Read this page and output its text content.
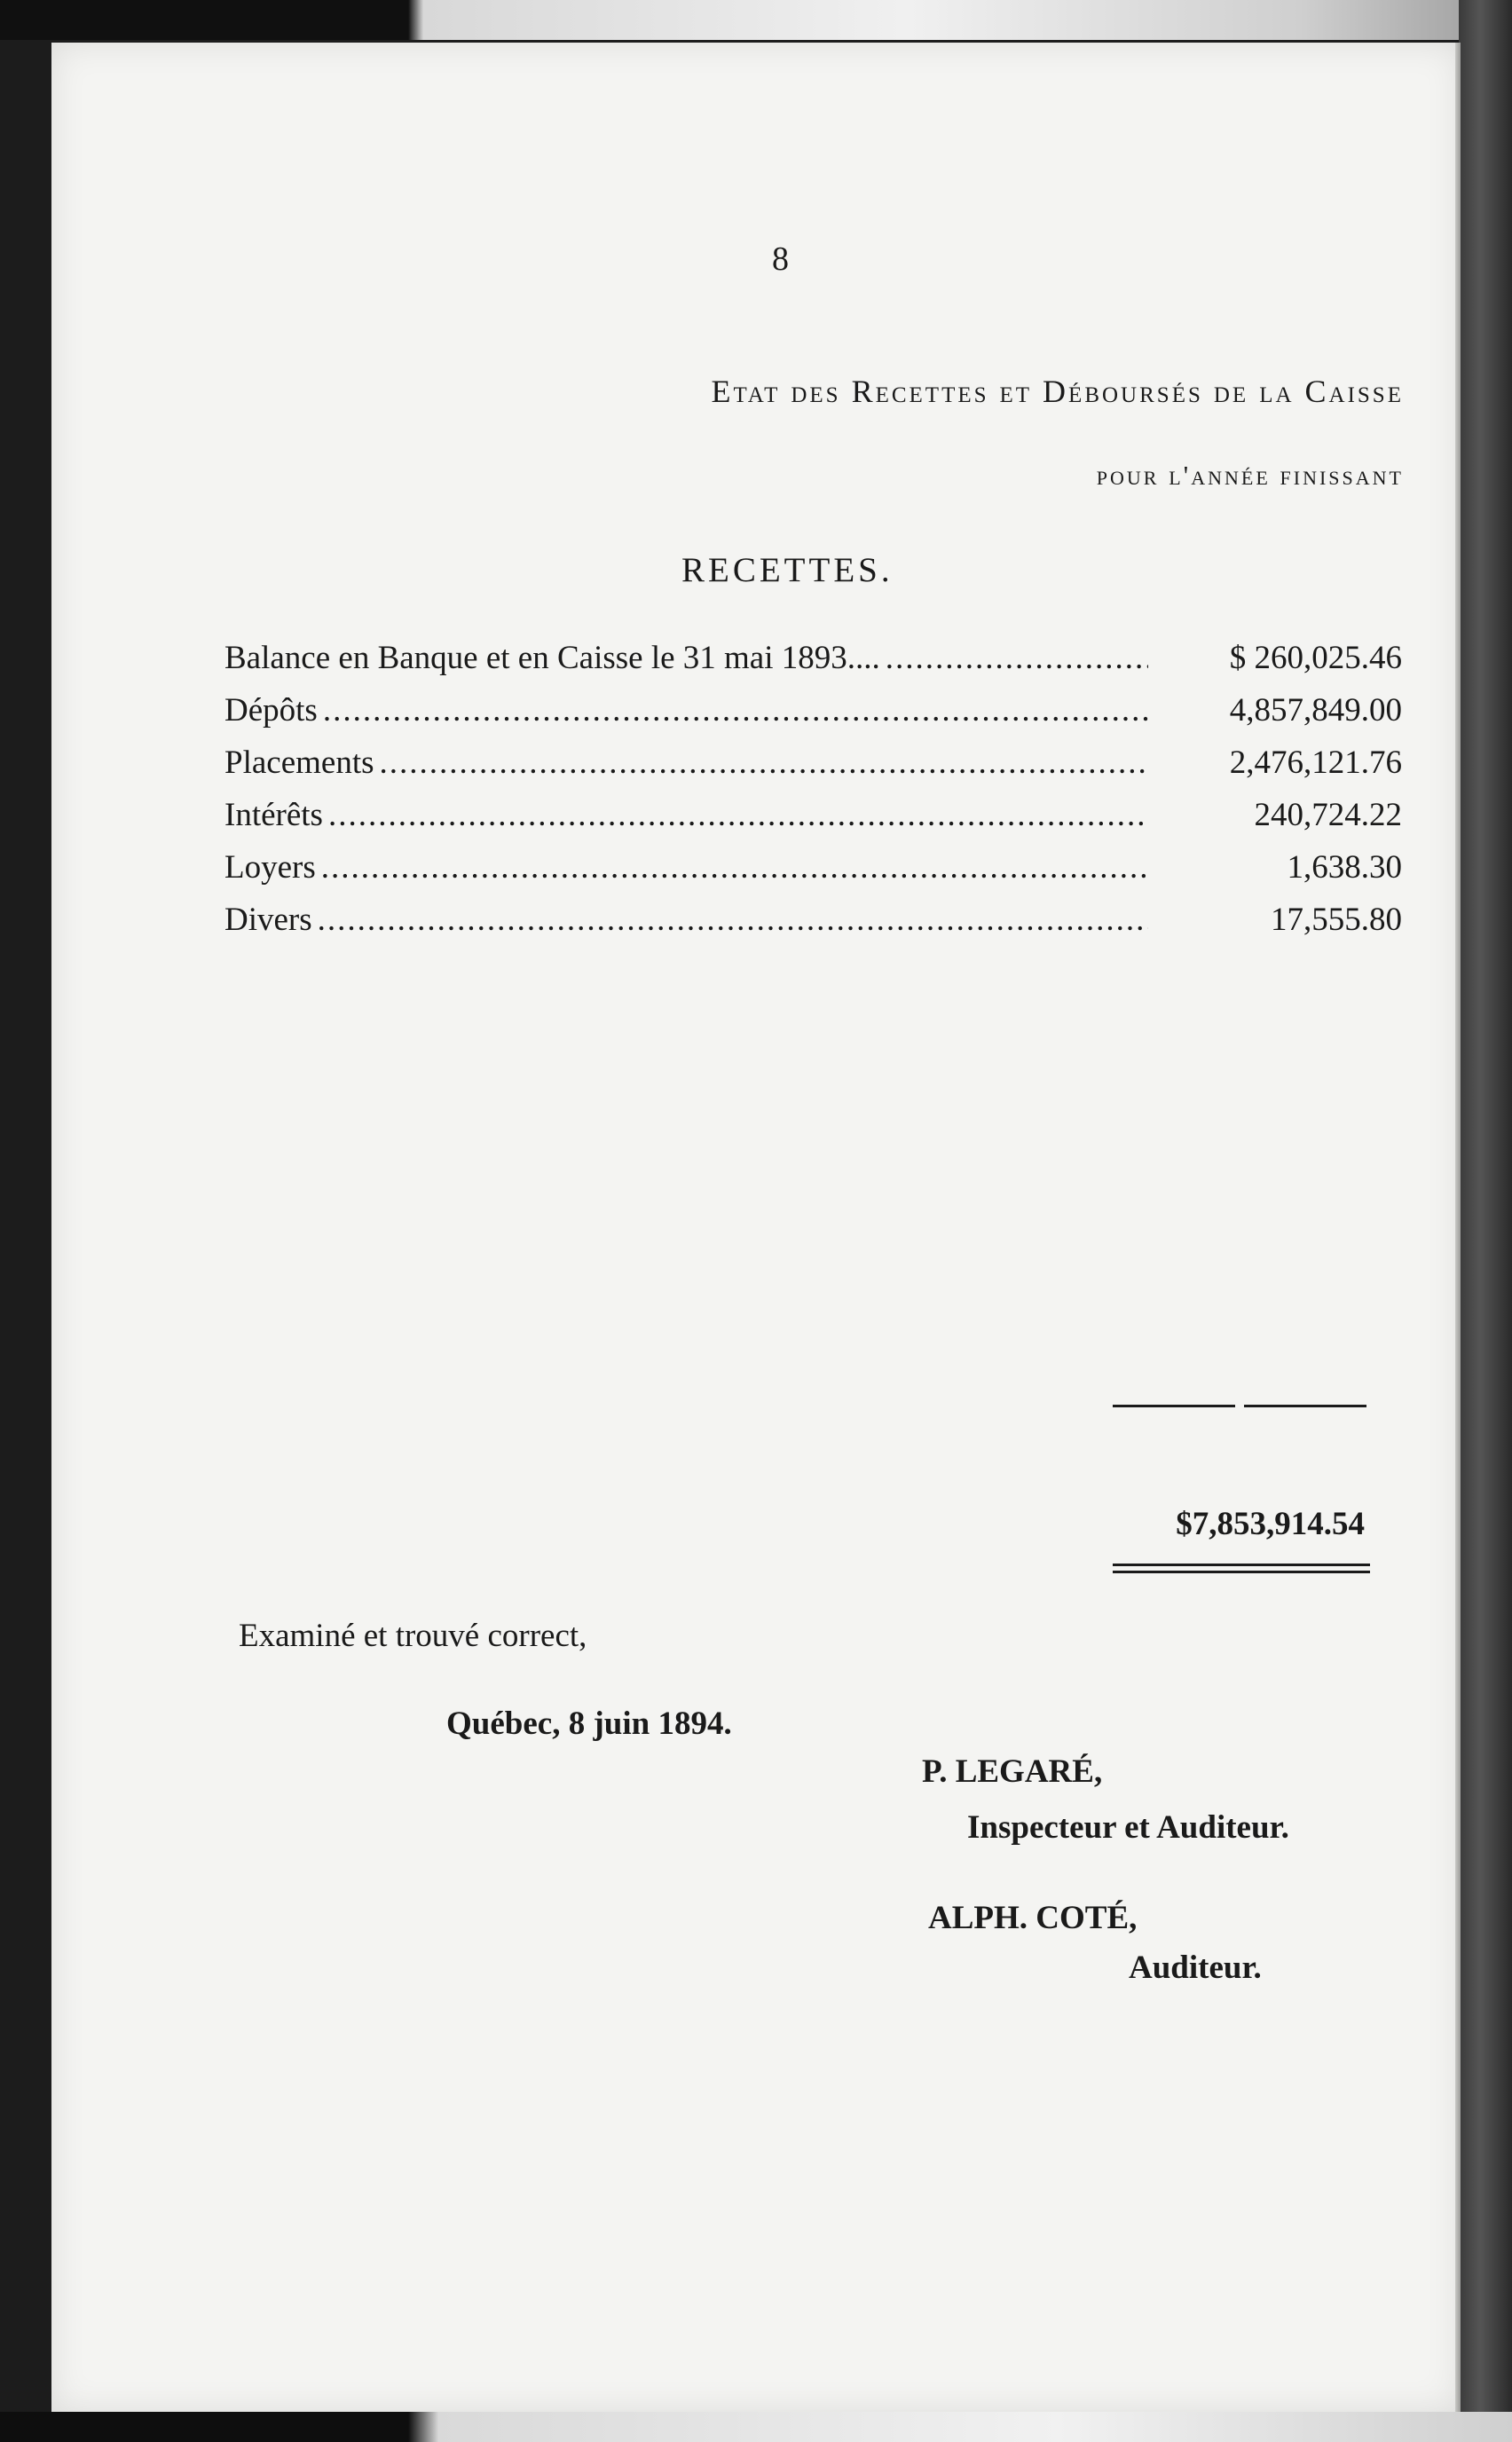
8
Etat des Recettes et Déboursés de la Caisse
pour l'année finissant
RECETTES.
Balance en Banque et en Caisse le 31 mai 1893.... .....	$ 260,025.46
Dépôts .....	4,857,849.00
Placements .....	2,476,121.76
Intérêts .....	240,724.22
Loyers .....	1,638.30
Divers .....	17,555.80
$7,853,914.54
Examiné et trouvé correct,
Québec, 8 juin 1894.
P. LEGARÉ,
Inspecteur et Auditeur.
ALPH. COTÉ,
Auditeur.
